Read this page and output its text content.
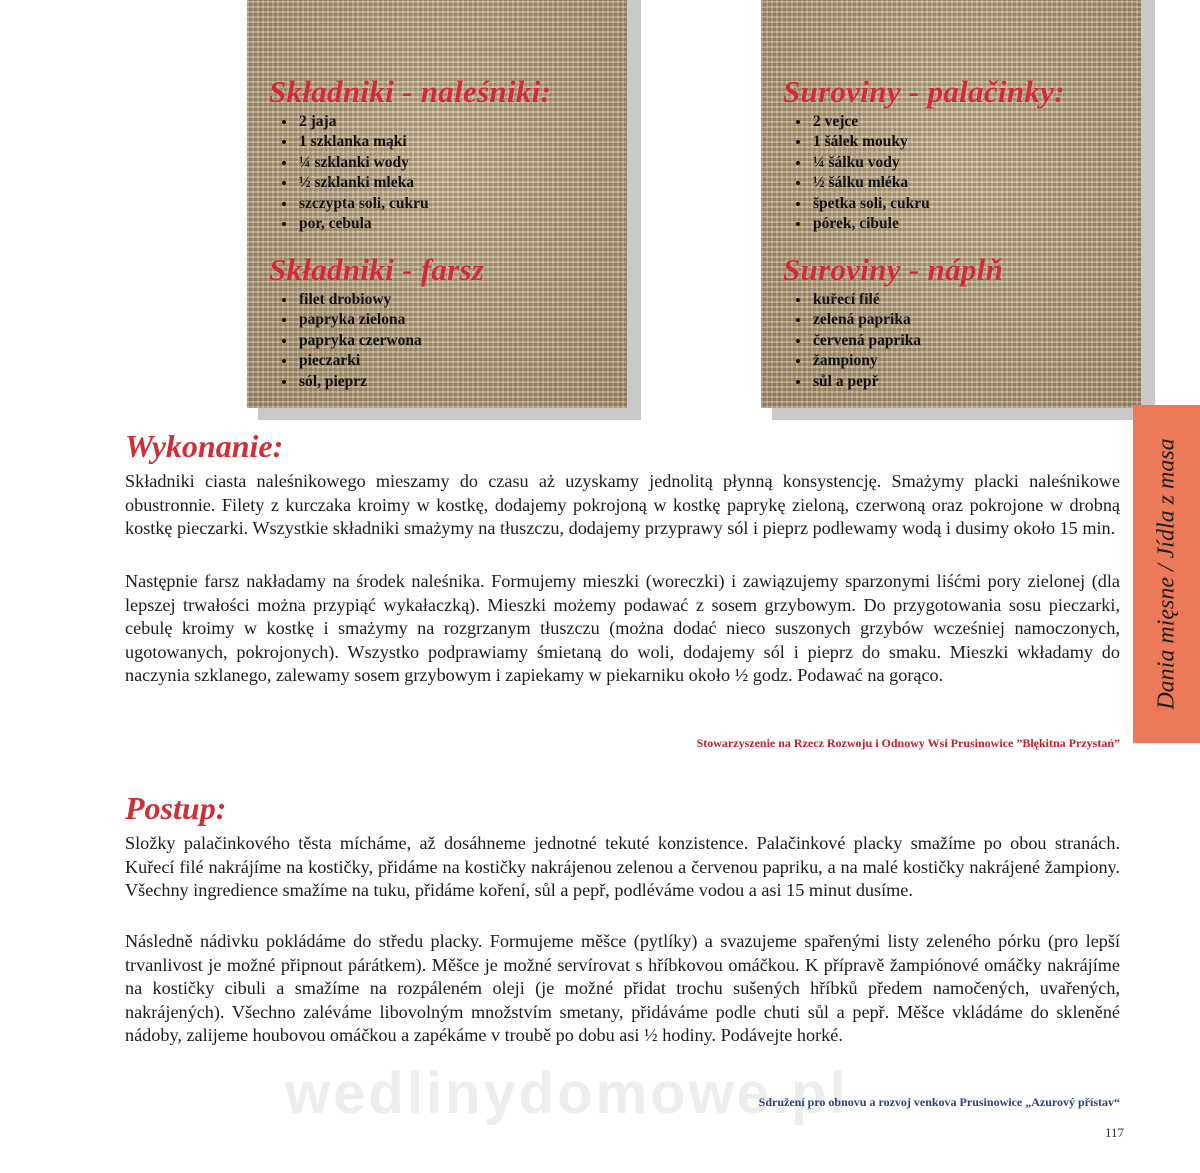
Składniki - naleśniki:
• 2 jaja
• 1 szklanka mąki
• ¼ szklanki wody
• ½ szklanki mleka
• szczypta soli, cukru
• por, cebula
Składniki - farsz
• filet drobiowy
• papryka zielona
• papryka czerwona
• pieczarki
• sól, pieprz
Suroviny - palačinky:
• 2 vejce
• 1 šálek mouky
• ¼ šálku vody
• ½ šálku mléka
• špetka soli, cukru
• pórek, cibule
Suroviny - náplň
• kuřecí filé
• zelená paprika
• červená paprika
• žampiony
• sůl a pepř
Dania mięsne / Jídla z masa
Wykonanie:

Składniki ciasta naleśnikowego mieszamy do czasu aż uzyskamy jednolitą płynną konsystencję. Smażymy placki naleśnikowe obustronnie. Filety z kurczaka kroimy w kostkę, dodajemy pokrojoną w kostkę paprykę zieloną, czerwoną oraz pokrojone w drobną kostkę pieczarki. Wszystkie składniki smażymy na tłuszczu, dodajemy przyprawy sól i pieprz podlewamy wodą i dusimy około 15 min.

Następnie farsz nakładamy na środek naleśnika. Formujemy mieszki (woreczki) i zawiązujemy sparzonymi liśćmi pory zielonej (dla lepszej trwałości można przypiąć wykałaczką). Mieszki możemy podawać z sosem grzybowym. Do przygotowania sosu pieczarki, cebulę kroimy w kostkę i smażymy na rozgrzanym tłuszczu (można dodać nieco suszonych grzybów wcześniej namoczonych, ugotowanych, pokrojonych). Wszystko podprawiamy śmietaną do woli, dodajemy sól i pieprz do smaku. Mieszki wkładamy do naczynia szklanego, zalewamy sosem grzybowym i zapiekamy w piekarniku około ½ godz. Podawać na gorąco.

Stowarzyszenie na Rzecz Rozwoju i Odnowy Wsi Prusinowice ”Błękitna Przystań”

Postup:

Složky palačinkového těsta mícháme, až dosáhneme jednotné tekuté konzistence. Palačinkové placky smažíme po obou stranách. Kuřecí filé nakrájíme na kostičky, přidáme na kostičky nakrájenou zelenou a červenou papriku, a na malé kostičky nakrájené žampiony. Všechny ingredience smažíme na tuku, přidáme koření, sůl a pepř, podléváme vodou a asi 15 minut dusíme.

Následně nádivku pokládáme do středu placky. Formujeme měšce (pytlíky) a svazujeme spařenými listy zeleného pórku (pro lepší trvanlivost je možné připnout párátkem). Měšce je možné servírovat s hříbkovou omáčkou. K přípravě žampiónové omáčky nakrájíme na kostičky cibuli a smažíme na rozpáleném oleji (je možné přidat trochu sušených hříbků předem namočených, uvařených, nakrájených). Všechno zaléváme libovolným množstvím smetany, přidáváme podle chuti sůl a pepř. Měšce vkládáme do skleněné nádoby, zalijeme houbovou omáčkou a zapékáme v troubě po dobu asi ½ hodiny. Podávejte horké.

wedlinydomowe.pl

Sdružení pro obnovu a rozvoj venkova Prusinowice „Azurový přístav“

117
